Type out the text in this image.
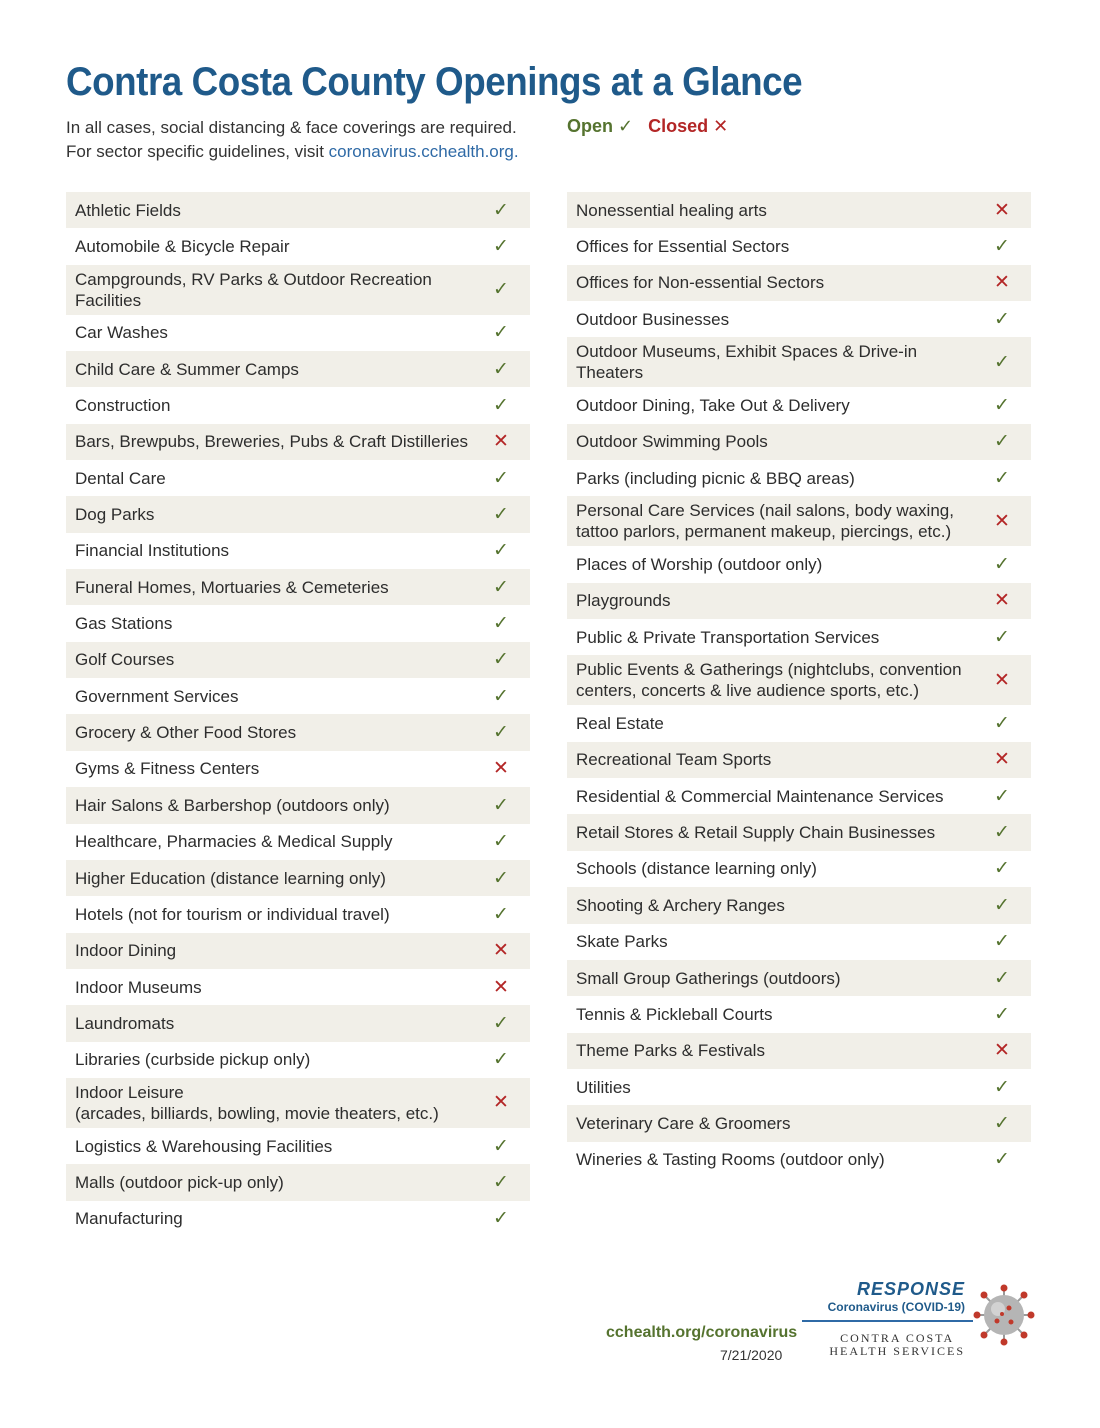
Contra Costa County Openings at a Glance
In all cases, social distancing & face coverings are required.
For sector specific guidelines, visit coronavirus.cchealth.org.
Open ✓ Closed ✕
Athletic Fields	✓
Automobile & Bicycle Repair	✓
Campgrounds, RV Parks & Outdoor Recreation Facilities	✓
Car Washes	✓
Child Care & Summer Camps	✓
Construction	✓
Bars, Brewpubs, Breweries, Pubs & Craft Distilleries	✕
Dental Care	✓
Dog Parks	✓
Financial Institutions	✓
Funeral Homes, Mortuaries & Cemeteries	✓
Gas Stations	✓
Golf Courses	✓
Government Services	✓
Grocery & Other Food Stores	✓
Gyms & Fitness Centers	✕
Hair Salons & Barbershop (outdoors only)	✓
Healthcare, Pharmacies & Medical Supply	✓
Higher Education (distance learning only)	✓
Hotels (not for tourism or individual travel)	✓
Indoor Dining	✕
Indoor Museums	✕
Laundromats	✓
Libraries (curbside pickup only)	✓
Indoor Leisure
(arcades, billiards, bowling, movie theaters, etc.)	✕
Logistics & Warehousing Facilities	✓
Malls (outdoor pick-up only)	✓
Manufacturing	✓
Nonessential healing arts	✕
Offices for Essential Sectors	✓
Offices for Non-essential Sectors	✕
Outdoor Businesses	✓
Outdoor Museums, Exhibit Spaces & Drive-in Theaters	✓
Outdoor Dining, Take Out & Delivery	✓
Outdoor Swimming Pools	✓
Parks (including picnic & BBQ areas)	✓
Personal Care Services (nail salons, body waxing,
tattoo parlors, permanent makeup, piercings, etc.)	✕
Places of Worship (outdoor only)	✓
Playgrounds	✕
Public & Private Transportation Services	✓
Public Events & Gatherings (nightclubs, convention
centers, concerts & live audience sports, etc.)	✕
Real Estate	✓
Recreational Team Sports	✕
Residential & Commercial Maintenance Services	✓
Retail Stores & Retail Supply Chain Businesses	✓
Schools (distance learning only)	✓
Shooting & Archery Ranges	✓
Skate Parks	✓
Small Group Gatherings (outdoors)	✓
Tennis & Pickleball Courts	✓
Theme Parks & Festivals	✕
Utilities	✓
Veterinary Care & Groomers	✓
Wineries & Tasting Rooms (outdoor only)	✓
cchealth.org/coronavirus
7/21/2020
RESPONSE
Coronavirus (COVID-19)
CONTRA COSTA
HEALTH SERVICES
